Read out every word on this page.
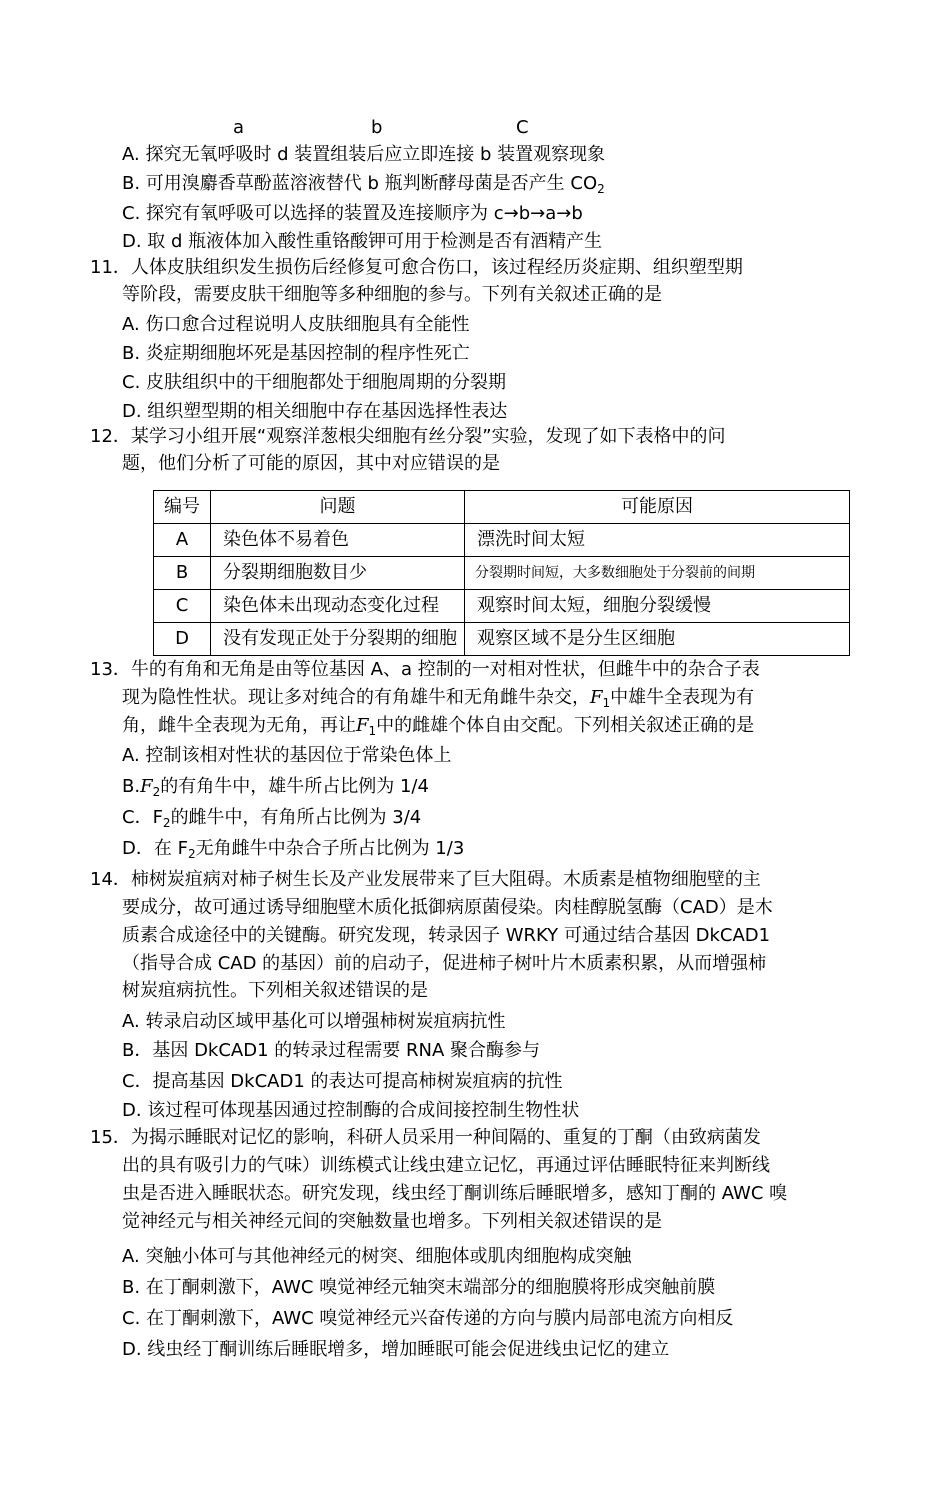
a	b	C
A. 探究无氧呼吸时 d 装置组装后应立即连接 b 装置观察现象
B. 可用溴麝香草酚蓝溶液替代 b 瓶判断酵母菌是否产生 $CO_2$
C. 探究有氧呼吸可以选择的装置及连接顺序为 c→b→a→b
D. 取 d 瓶液体加入酸性重铬酸钾可用于检测是否有酒精产生
11．人体皮肤组织发生损伤后经修复可愈合伤口，该过程经历炎症期、组织塑型期
等阶段，需要皮肤干细胞等多种细胞的参与。下列有关叙述正确的是
A. 伤口愈合过程说明人皮肤细胞具有全能性
B. 炎症期细胞坏死是基因控制的程序性死亡
C. 皮肤组织中的干细胞都处于细胞周期的分裂期
D. 组织塑型期的相关细胞中存在基因选择性表达
12．某学习小组开展“观察洋葱根尖细胞有丝分裂”实验，发现了如下表格中的问
题，他们分析了可能的原因，其中对应错误的是
编号	问题	可能原因
A	染色体不易着色	漂洗时间太短
B	分裂期细胞数目少	分裂期时间短，大多数细胞处于分裂前的间期
C	染色体未出现动态变化过程	观察时间太短，细胞分裂缓慢
D	没有发现正处于分裂期的细胞	观察区域不是分生区细胞
13．牛的有角和无角是由等位基因 A、a 控制的一对相对性状，但雌牛中的杂合子表
现为隐性性状。现让多对纯合的有角雄牛和无角雌牛杂交，$F_1$中雄牛全表现为有
角，雌牛全表现为无角，再让$F_1$中的雌雄个体自由交配。下列相关叙述正确的是
A. 控制该相对性状的基因位于常染色体上
$B.F_2$的有角牛中，雄牛所占比例为 1/4
C．$F_2$的雌牛中，有角所占比例为 3/4
D．在 $F_2$无角雌牛中杂合子所占比例为 1/3
14．柿树炭疽病对柿子树生长及产业发展带来了巨大阻碍。木质素是植物细胞壁的主
要成分，故可通过诱导细胞壁木质化抵御病原菌侵染。肉桂醇脱氢酶（CAD）是木
质素合成途径中的关键酶。研究发现，转录因子 WRKY 可通过结合基因 DkCAD1
（指导合成 CAD 的基因）前的启动子，促进柿子树叶片木质素积累，从而增强柿
树炭疽病抗性。下列相关叙述错误的是
A. 转录启动区域甲基化可以增强柿树炭疽病抗性
B．基因 DkCAD1 的转录过程需要 RNA 聚合酶参与
C．提高基因 DkCAD1 的表达可提高柿树炭疽病的抗性
D. 该过程可体现基因通过控制酶的合成间接控制生物性状
15．为揭示睡眠对记忆的影响，科研人员采用一种间隔的、重复的丁酮（由致病菌发
出的具有吸引力的气味）训练模式让线虫建立记忆，再通过评估睡眠特征来判断线
虫是否进入睡眠状态。研究发现，线虫经丁酮训练后睡眠增多，感知丁酮的 AWC 嗅
觉神经元与相关神经元间的突触数量也增多。下列相关叙述错误的是
A. 突触小体可与其他神经元的树突、细胞体或肌肉细胞构成突触
B. 在丁酮刺激下，AWC 嗅觉神经元轴突末端部分的细胞膜将形成突触前膜
C. 在丁酮刺激下，AWC 嗅觉神经元兴奋传递的方向与膜内局部电流方向相反
D. 线虫经丁酮训练后睡眠增多，增加睡眠可能会促进线虫记忆的建立
